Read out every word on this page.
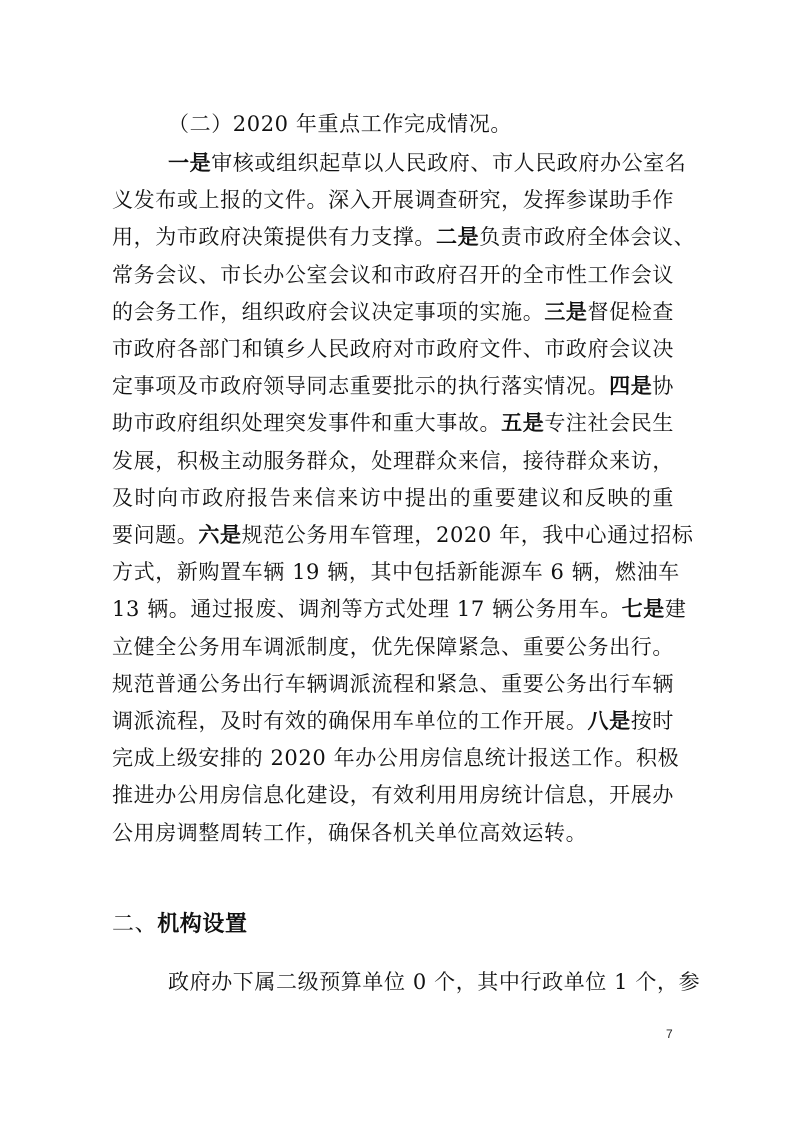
（二）2020 年重点工作完成情况。
一是审核或组织起草以人民政府、市人民政府办公室名
义发布或上报的文件。深入开展调查研究，发挥参谋助手作
用，为市政府决策提供有力支撑。二是负责市政府全体会议、
常务会议、市长办公室会议和市政府召开的全市性工作会议
的会务工作，组织政府会议决定事项的实施。三是督促检查
市政府各部门和镇乡人民政府对市政府文件、市政府会议决
定事项及市政府领导同志重要批示的执行落实情况。四是协
助市政府组织处理突发事件和重大事故。五是专注社会民生
发展，积极主动服务群众，处理群众来信，接待群众来访，
及时向市政府报告来信来访中提出的重要建议和反映的重
要问题。六是规范公务用车管理，2020 年，我中心通过招标
方式，新购置车辆 19 辆，其中包括新能源车 6 辆，燃油车
13 辆。通过报废、调剂等方式处理 17 辆公务用车。七是建
立健全公务用车调派制度，优先保障紧急、重要公务出行。
规范普通公务出行车辆调派流程和紧急、重要公务出行车辆
调派流程，及时有效的确保用车单位的工作开展。八是按时
完成上级安排的 2020 年办公用房信息统计报送工作。积极
推进办公用房信息化建设，有效利用用房统计信息，开展办
公用房调整周转工作，确保各机关单位高效运转。
二、机构设置
政府办下属二级预算单位 0 个，其中行政单位 1 个，参
7
